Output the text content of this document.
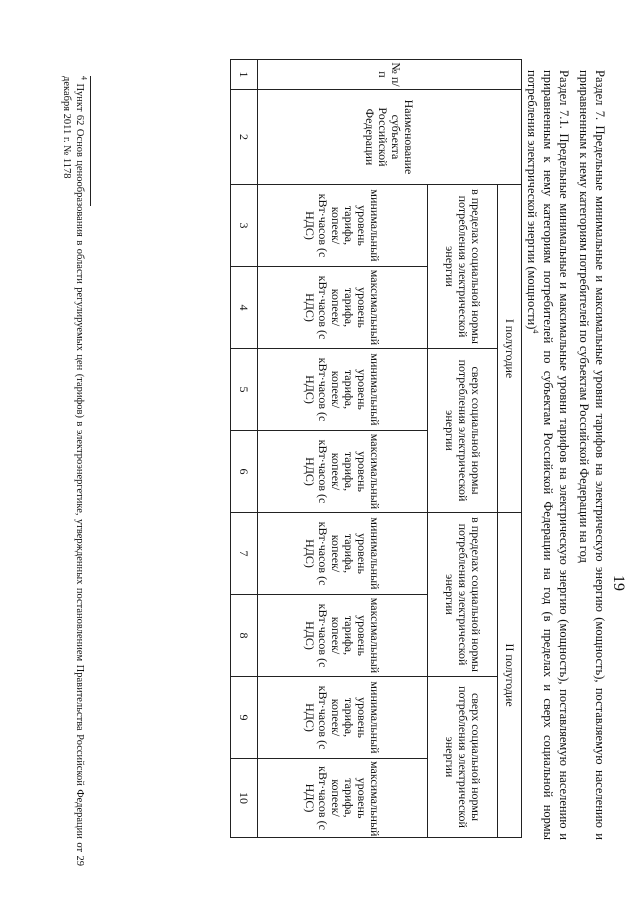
19
Раздел 7. Предельные минимальные и максимальные уровни тарифов на электрическую энергию (мощность), поставляемую населению и приравненным к нему категориям потребителей по субъектам Российской Федерации на год
Раздел 7.1. Предельные минимальные и максимальные уровни тарифов на электрическую энергию (мощность), поставляемую населению и приравненным к нему категориям потребителей по субъектам Российской Федерации на год (в пределах и сверх социальной нормы потребления электрической энергии (мощности)$^4$
№ п/п	Наименование субъекта Российской Федерации	I полугодие				II полугодие			
		в пределах социальной нормы потребления электрической энергии		сверх социальной нормы потребления электрической энергии		в пределах социальной нормы потребления электрической энергии		сверх социальной нормы потребления электрической энергии	
		минимальный уровень тарифа, копеек/кВт·часов (с НДС)	максимальный уровень тарифа, копеек/кВт·часов (с НДС)	минимальный уровень тарифа, копеек/кВт·часов (с НДС)	максимальный уровень тарифа, копеек/кВт·часов (с НДС)	минимальный уровень тарифа, копеек/кВт·часов (с НДС)	максимальный уровень тарифа, копеек/кВт·часов (с НДС)	минимальный уровень тарифа, копеек/кВт·часов (с НДС)	максимальный уровень тарифа, копеек/кВт·часов (с НДС)
1	2	3	4	5	6	7	8	9	10
$^4$ Пункт 62 Основ ценообразования в области регулируемых цен (тарифов) в электроэнергетике, утвержденных постановлением Правительства Российской Федерации от 29 декабря 2011 г. № 1178
